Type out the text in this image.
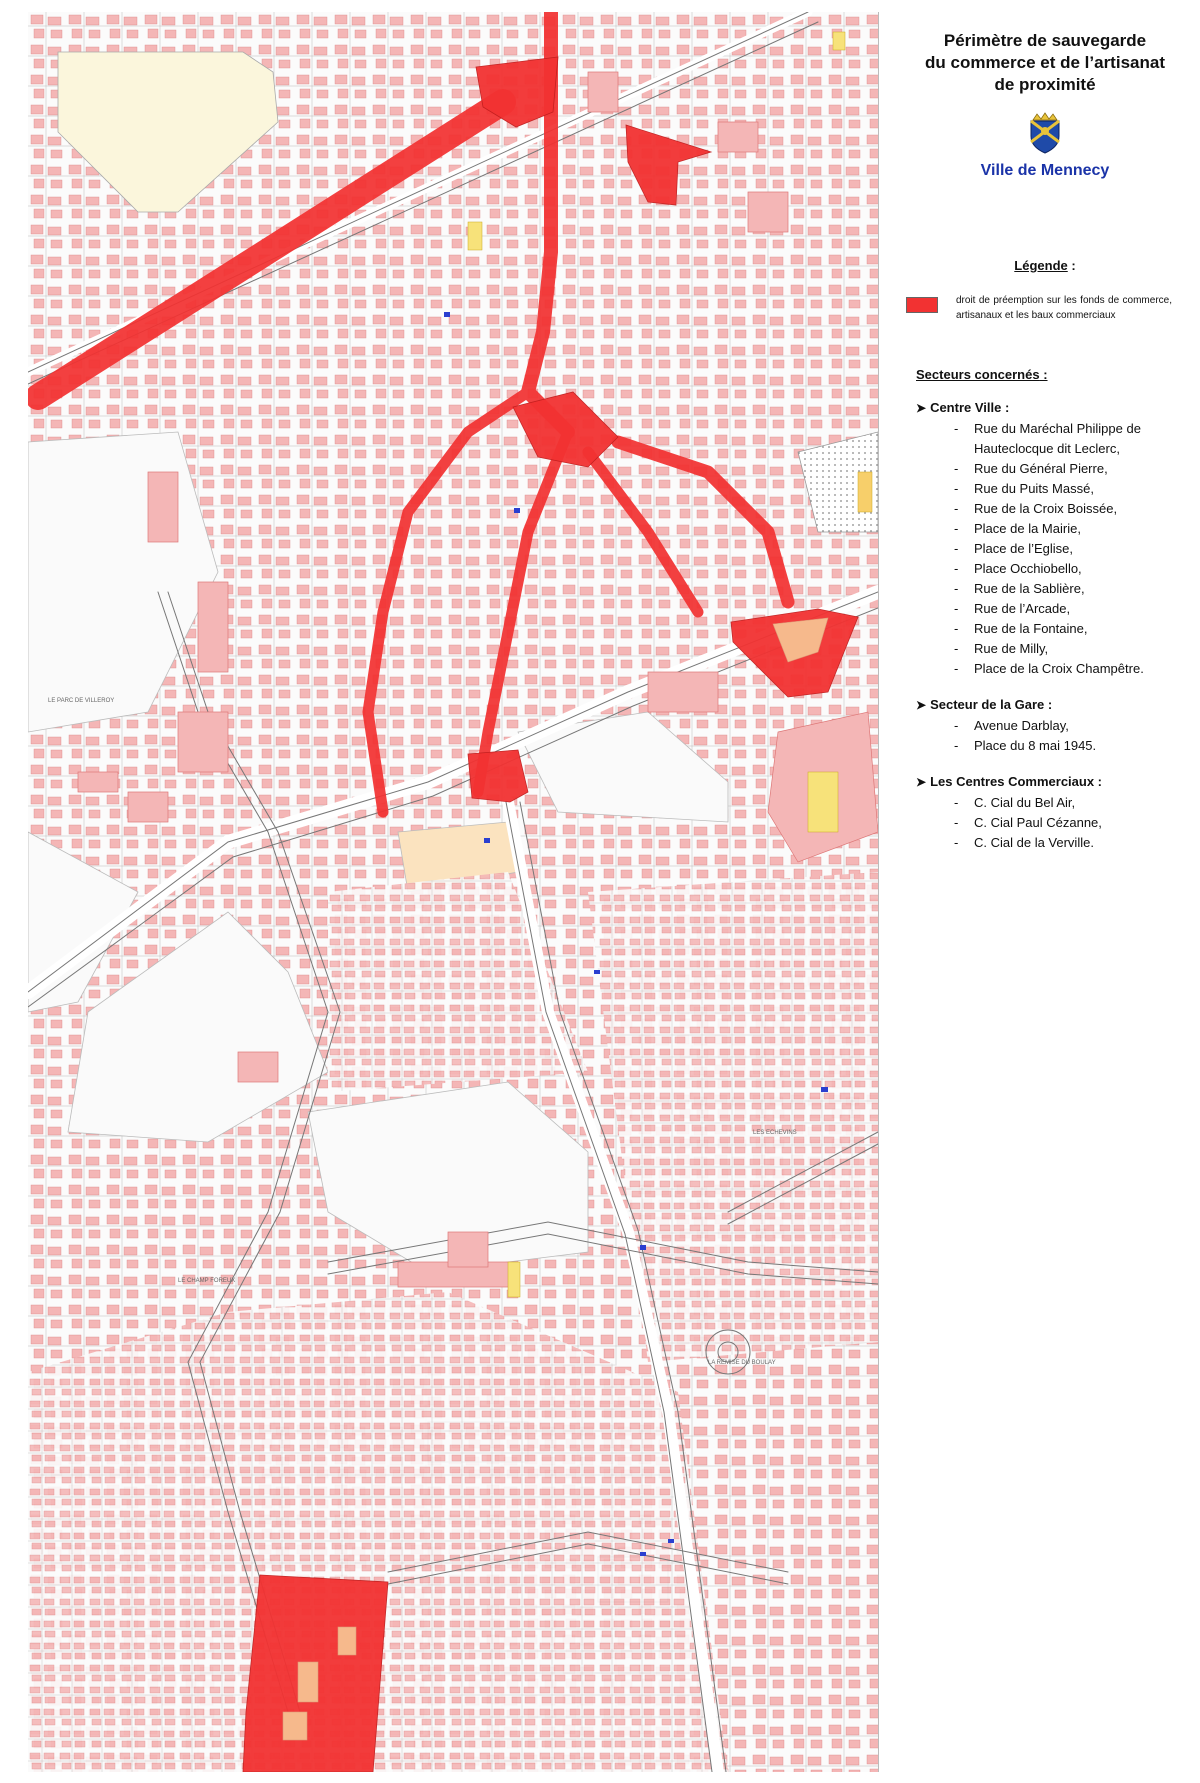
LE PARC DE VILLEROY
LE CHAMP FOREUX
LES ECHEVINS
LA REMISE DU BOULAY

Périmètre de sauvegarde

du commerce et de l’artisanat

de proximité

Ville de Mennecy
Légende :
droit de préemption sur les fonds de commerce, artisanaux et les baux commerciaux
Secteurs concernés :
➤ Centre Ville :
- Rue du Maréchal Philippe de Hauteclocque dit Leclerc,
- Rue du Général Pierre,
- Rue du Puits Massé,
- Rue de la Croix Boissée,
- Place de la Mairie,
- Place de l’Eglise,
- Place Occhiobello,
- Rue de la Sablière,
- Rue de l’Arcade,
- Rue de la Fontaine,
- Rue de Milly,
- Place de la Croix Champêtre.
➤ Secteur de la Gare :
- Avenue Darblay,
- Place du 8 mai 1945.
➤ Les Centres Commerciaux :
- C. Cial du Bel Air,
- C. Cial Paul Cézanne,
- C. Cial de la Verville.
